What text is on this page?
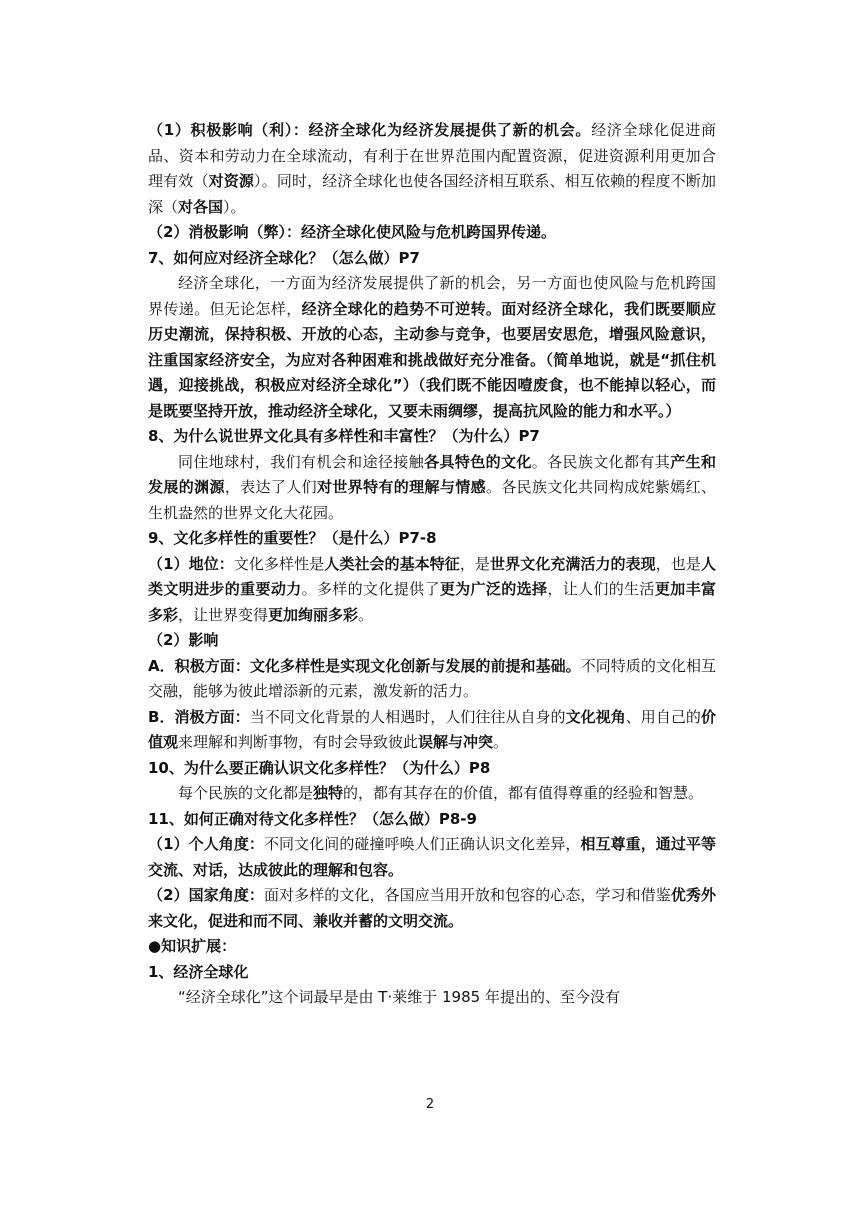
（1）积极影响（利）：经济全球化为经济发展提供了新的机会。经济全球化促进商品、资本和劳动力在全球流动，有利于在世界范围内配置资源，促进资源利用更加合理有效（对资源）。同时，经济全球化也使各国经济相互联系、相互依赖的程度不断加深（对各国）。

（2）消极影响（弊）：经济全球化使风险与危机跨国界传递。

7、如何应对经济全球化？（怎么做）P7

经济全球化，一方面为经济发展提供了新的机会，另一方面也使风险与危机跨国界传递。但无论怎样，经济全球化的趋势不可逆转。面对经济全球化，我们既要顺应历史潮流，保持积极、开放的心态，主动参与竞争，也要居安思危，增强风险意识，注重国家经济安全，为应对各种困难和挑战做好充分准备。（简单地说，就是“抓住机遇，迎接挑战，积极应对经济全球化”）（我们既不能因噎废食，也不能掉以轻心，而是既要坚持开放，推动经济全球化，又要未雨绸缪，提高抗风险的能力和水平。）

8、为什么说世界文化具有多样性和丰富性？（为什么）P7

同住地球村，我们有机会和途径接触各具特色的文化。各民族文化都有其产生和发展的渊源，表达了人们对世界特有的理解与情感。各民族文化共同构成姹紫嫣红、生机盎然的世界文化大花园。

9、文化多样性的重要性？（是什么）P7-8

（1）地位：文化多样性是人类社会的基本特征，是世界文化充满活力的表现，也是人类文明进步的重要动力。多样的文化提供了更为广泛的选择，让人们的生活更加丰富多彩，让世界变得更加绚丽多彩。

（2）影响

A．积极方面：文化多样性是实现文化创新与发展的前提和基础。不同特质的文化相互交融，能够为彼此增添新的元素，激发新的活力。

B．消极方面：当不同文化背景的人相遇时，人们往往从自身的文化视角、用自己的价值观来理解和判断事物，有时会导致彼此误解与冲突。

10、为什么要正确认识文化多样性？（为什么）P8

每个民族的文化都是独特的，都有其存在的价值，都有值得尊重的经验和智慧。

11、如何正确对待文化多样性？（怎么做）P8-9

（1）个人角度：不同文化间的碰撞呼唤人们正确认识文化差异，相互尊重，通过平等交流、对话，达成彼此的理解和包容。

（2）国家角度：面对多样的文化，各国应当用开放和包容的心态，学习和借鉴优秀外来文化，促进和而不同、兼收并蓄的文明交流。

●知识扩展：

1、经济全球化

“经济全球化”这个词最早是由 T·莱维于 1985 年提出的、至今没有

2
